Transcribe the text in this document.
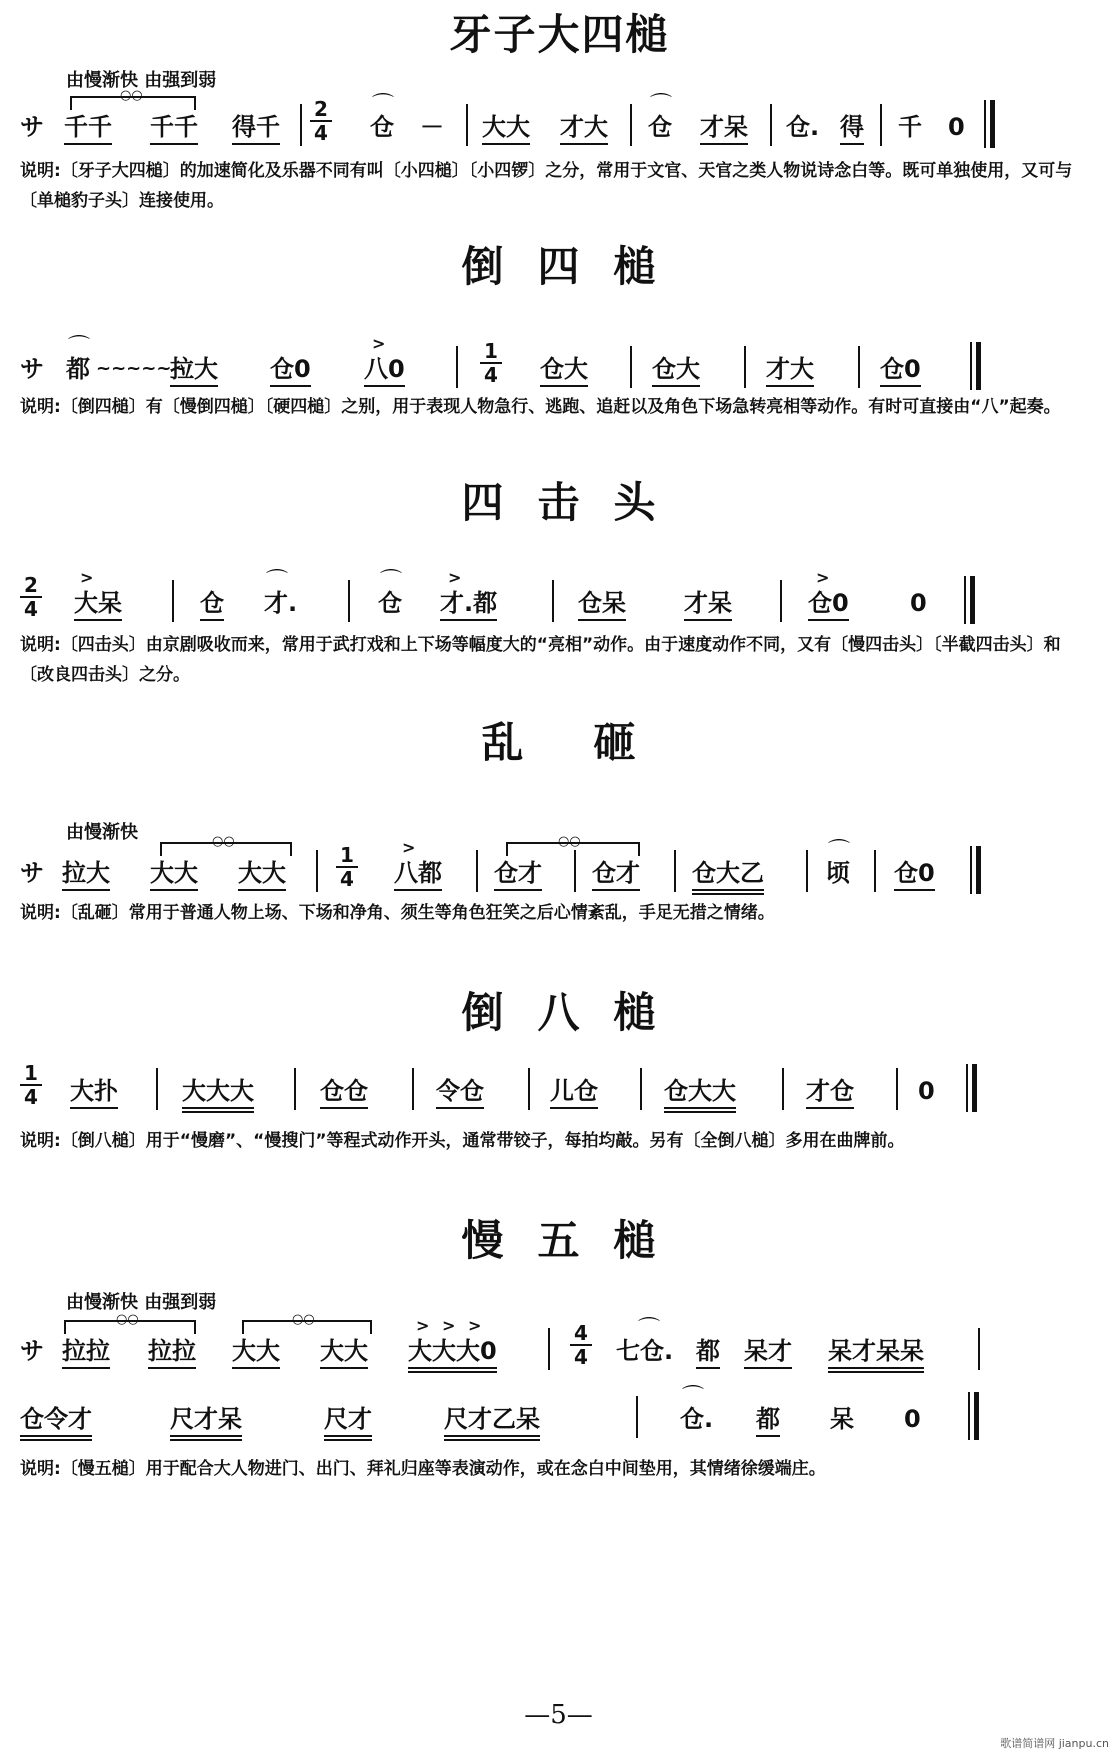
牙子大四槌
由慢渐快 由强到弱
○○
サ 千千 千千 得千
2
4
⌒
仓 － 大大 才大
⌒
仓 才呆 仓. 得 千 0
说明:〔牙子大四槌〕的加速简化及乐器不同有叫〔小四槌〕〔小四锣〕之分，常用于文官、天官之类人物说诗念白等。既可单独使用，又可与〔单槌豹子头〕连接使用。
倒四槌
サ
⌒
都 ~~~~~~
拉大 仓0
>
八0
1
4 仓大	仓大	才大	仓0
说明:〔倒四槌〕有〔慢倒四槌〕〔硬四槌〕之别，用于表现人物急行、逃跑、追赶以及角色下场急转亮相等动作。有时可直接由“八”起奏。
四击头
2
4
>
大呆	仓
⌒
才.
⌒
仓
>
才.都	仓呆 才呆
>
仓0	0
说明:〔四击头〕由京剧吸收而来，常用于武打戏和上下场等幅度大的“亮相”动作。由于速度动作不同，又有〔慢四击头〕〔半截四击头〕和〔改良四击头〕之分。
乱砸
由慢渐快	○○
サ 拉大 大大 大大
1
4
>
八都
○○
仓才 仓才 仓大乙
⌒
顷 仓0
说明:〔乱砸〕常用于普通人物上场、下场和净角、须生等角色狂笑之后心情紊乱，手足无措之情绪。
倒八槌
1
4 大扑	大大大	仓仓	令仓	儿仓	仓大大	才仓	0
说明:〔倒八槌〕用于“慢磨”、“慢搜门”等程式动作开头，通常带铰子，每拍均敲。另有〔全倒八槌〕多用在曲牌前。
慢五槌
由慢渐快 由强到弱
○○	○○
サ 拉拉 拉拉 大大 大大
> > >
大大大0
4
4
⌒
七仓. 都 呆才 呆才呆呆
仓令才	尺才呆	尺才	尺才乙呆
⌒
仓. 都 呆 0
说明:〔慢五槌〕用于配合大人物进门、出门、拜礼归座等表演动作，或在念白中间垫用，其情绪徐缓端庄。
—5—
歌谱简谱网 jianpu.cn
